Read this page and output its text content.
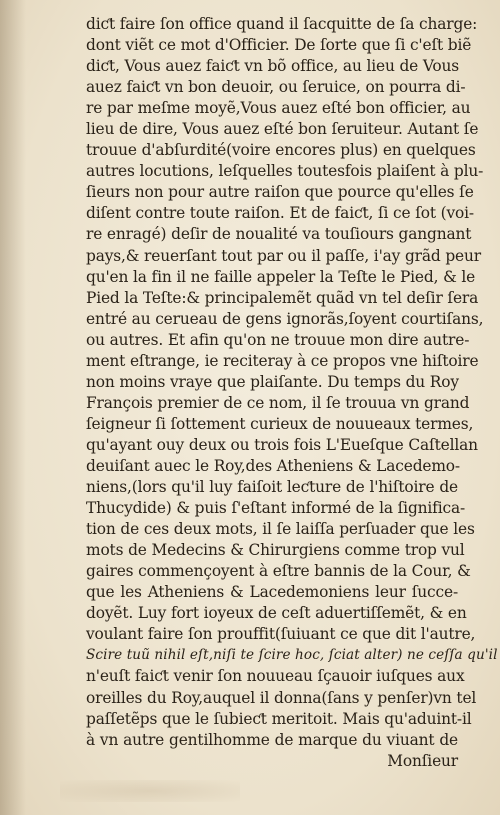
diƈt faire ſon office quand il ſacquitte de ſa charge:
dont viẽt ce mot d'Officier. De ſorte que ſi c'eſt biẽ
diƈt, Vous auez faiƈt vn bõ office, au lieu de Vous
auez faiƈt vn bon deuoir, ou ſeruice, on pourra di-
re par meſme moyẽ,Vous auez eſté bon officier, au
lieu de dire, Vous auez eſté bon ſeruiteur. Autant ſe
trouue d'abſurdité(voire encores plus) en quelques
autres locutions, leſquelles toutesfois plaiſent à plu-
ſieurs non pour autre raiſon que pource qu'elles ſe
diſent contre toute raiſon. Et de faiƈt, ſi ce ſot (voi-
re enragé) deſir de noualité va touſiours gangnant
pays,& reuerſant tout par ou il paſſe, i'ay grãd peur
qu'en la fin il ne faille appeler la Teſte le Pied, & le
Pied la Teſte:& principalemẽt quãd vn tel deſir ſera
entré au cerueau de gens ignorãs,ſoyent courtiſans,
ou autres. Et afin qu'on ne trouue mon dire autre-
ment eſtrange, ie reciteray à ce propos vne hiſtoire
non moins vraye que plaiſante. Du temps du Roy
François premier de ce nom, il ſe trouua vn grand
ſeigneur ſi ſottement curieux de nouueaux termes,
qu'ayant ouy deux ou trois fois L'Eueſque Caſtellan
deuiſant auec le Roy,des Atheniens & Lacedemo-
niens,(lors qu'il luy faiſoit leƈture de l'hiſtoire de
Thucydide) & puis ſ'eſtant informé de la ſignifica-
tion de ces deux mots, il ſe laiſſa perſuader que les
mots de Medecins & Chirurgiens comme trop vul
gaires commençoyent à eſtre bannis de la Cour, &
que les Atheniens & Lacedemoniens leur ſucce-
doyẽt. Luy fort ioyeux de ceſt aduertiſſemẽt, & en
voulant faire ſon prouffit(ſuiuant ce que dit l'autre,
Scire tuũ nihil eſt,niſi te ſcire hoc, ſciat alter) ne ceſſa qu'il
n'euſt faiƈt venir ſon nouueau ſçauoir iuſques aux
oreilles du Roy,auquel il donna(ſans y penſer)vn tel
paſſetẽps que le ſubieƈt meritoit. Mais qu'aduint-il
à vn autre gentilhomme de marque du viuant de
Monſieur
